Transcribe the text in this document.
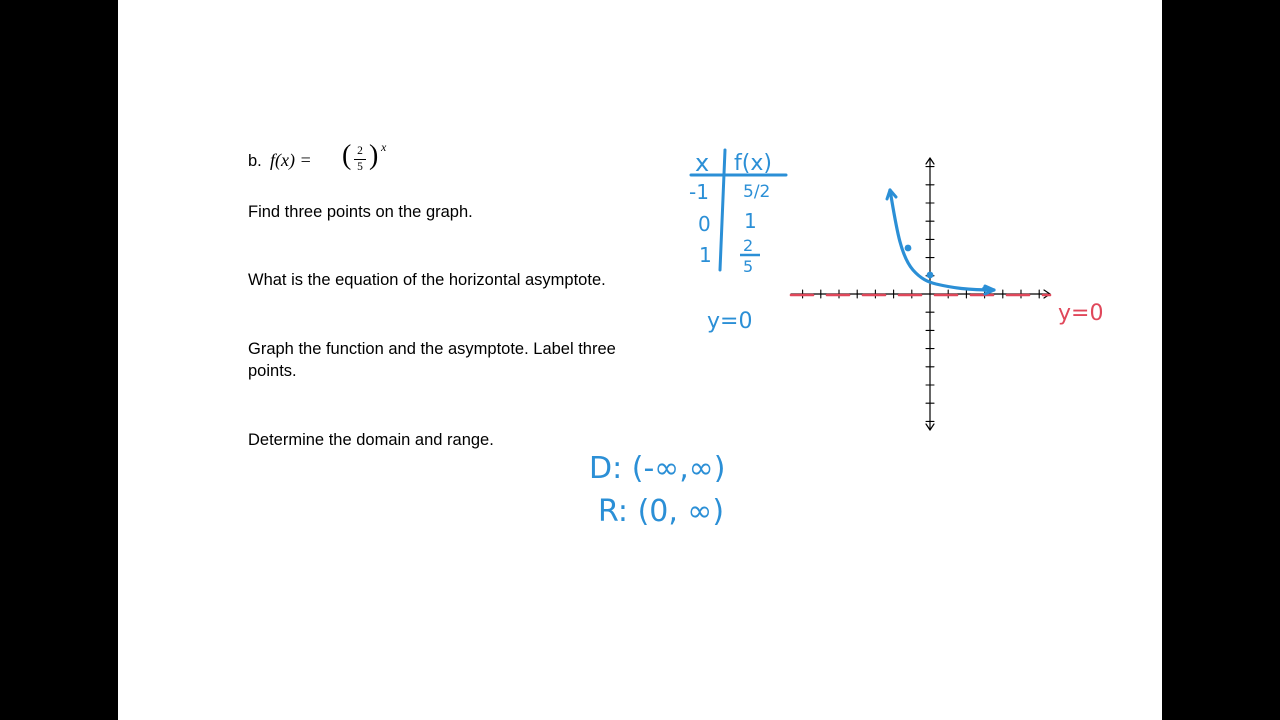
b. f(x) = ( 2
5 ) x
Find three points on the graph.
What is the equation of the horizontal asymptote.
Graph the function and the asymptote. Label three points.
Determine the domain and range.
x f(x)
-1 5/2
0 1
1 2
5
y=0
D: (-∞,∞)
R: (0, ∞)
y=0
